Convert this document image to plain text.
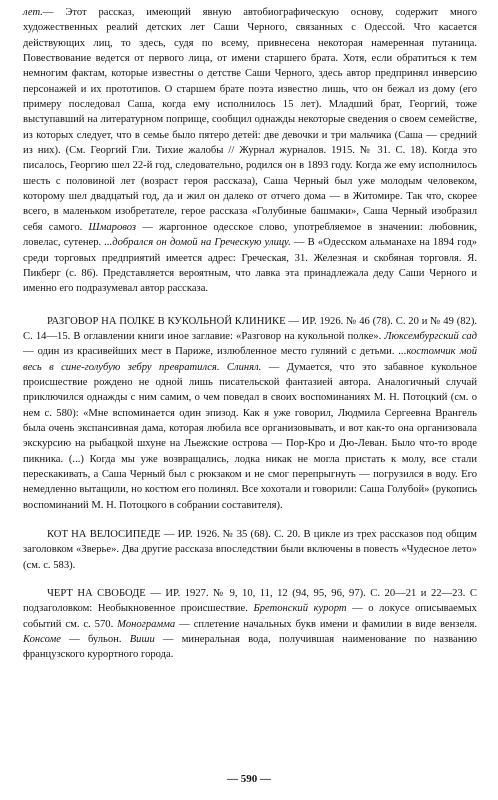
лет.— Этот рассказ, имеющий явную автобиографическую основу, содержит много художественных реалий детских лет Саши Черного, связанных с Одессой. Что касается действующих лиц, то здесь, судя по всему, привнесена некоторая намеренная путаница. Повествование ведется от первого лица, от имени старшего брата. Хотя, если обратиться к тем немногим фактам, которые известны о детстве Саши Черного, здесь автор предпринял инверсию персонажей и их прототипов. О старшем брате поэта известно лишь, что он бежал из дому (его примеру последовал Саша, когда ему исполнилось 15 лет). Младший брат, Георгий, тоже выступавший на литературном поприще, сообщил однажды некоторые сведения о своем семействе, из которых следует, что в семье было пятеро детей: две девочки и три мальчика (Саша — средний из них). (См. Георгий Гли. Тихие жалобы // Журнал журналов. 1915. № 31. С. 18). Когда это писалось, Георгию шел 22-й год, следовательно, родился он в 1893 году. Когда же ему исполнилось шесть с половиной лет (возраст героя рассказа), Саша Черный был уже молодым человеком, которому шел двадцатый год, да и жил он далеко от отчего дома — в Житомире. Так что, скорее всего, в маленьком изобретателе, герое рассказа «Голубиные башмаки», Саша Черный изобразил себя самого. Шмаровоз — жаргонное одесское слово, употребляемое в значении: любовник, ловелас, сутенер. ...добрался он домой на Греческую улицу. — В «Одесском альманахе на 1894 год» среди торговых предприятий имеется адрес: Греческая, 31. Железная и скобяная торговля. Я. Пикберг (с. 86). Представляется вероятным, что лавка эта принадлежала деду Саши Черного и именно его подразумевал автор рассказа.

РАЗГОВОР НА ПОЛКЕ В КУКОЛЬНОЙ КЛИНИКЕ — ИР. 1926. № 46 (78). С. 20 и № 49 (82). С. 14—15. В оглавлении книги иное заглавие: «Разговор на кукольной полке». Люксембургский сад — один из красивейших мест в Париже, излюбленное место гуляний с детьми. ...костомчик мой весь в сине-голубую зебру превратился. Слинял. — Думается, что это забавное кукольное происшествие рождено не одной лишь писательской фантазией автора. Аналогичный случай приключился однажды с ним самим, о чем поведал в своих воспоминаниях М. Н. Потоцкий (см. о нем с. 580): «Мне вспоминается один эпизод. Как я уже говорил, Людмила Сергеевна Врангель была очень экспансивная дама, которая любила все организовывать, и вот как-то она организовала экскурсию на рыбацкой шхуне на Льежские острова — Пор-Кро и Дю-Леван. Было что-то вроде пикника. (...) Когда мы уже возвращались, лодка никак не могла пристать к молу, все стали перескакивать, а Саша Черный был с рюкзаком и не смог перепрыгнуть — погрузился в воду. Его немедленно вытащили, но костюм его полинял. Все хохотали и говорили: Саша Голубой» (рукопись воспоминаний М. Н. Потоцкого в собрании составителя).

КОТ НА ВЕЛОСИПЕДЕ — ИР. 1926. № 35 (68). С. 20. В цикле из трех рассказов под общим заголовком «Зверье». Два другие рассказа впоследствии были включены в повесть «Чудесное лето» (см. с. 583).

ЧЕРТ НА СВОБОДЕ — ИР. 1927. № 9, 10, 11, 12 (94, 95, 96, 97). С. 20—21 и 22—23. С подзаголовком: Необыкновенное происшествие. Бретонский курорт — о локусе описываемых событий см. с. 570. Монограмма — сплетение начальных букв имени и фамилии в виде вензеля. Консоме — бульон. Виши — минеральная вода, получившая наименование по названию французского курортного города.

— 590 —
